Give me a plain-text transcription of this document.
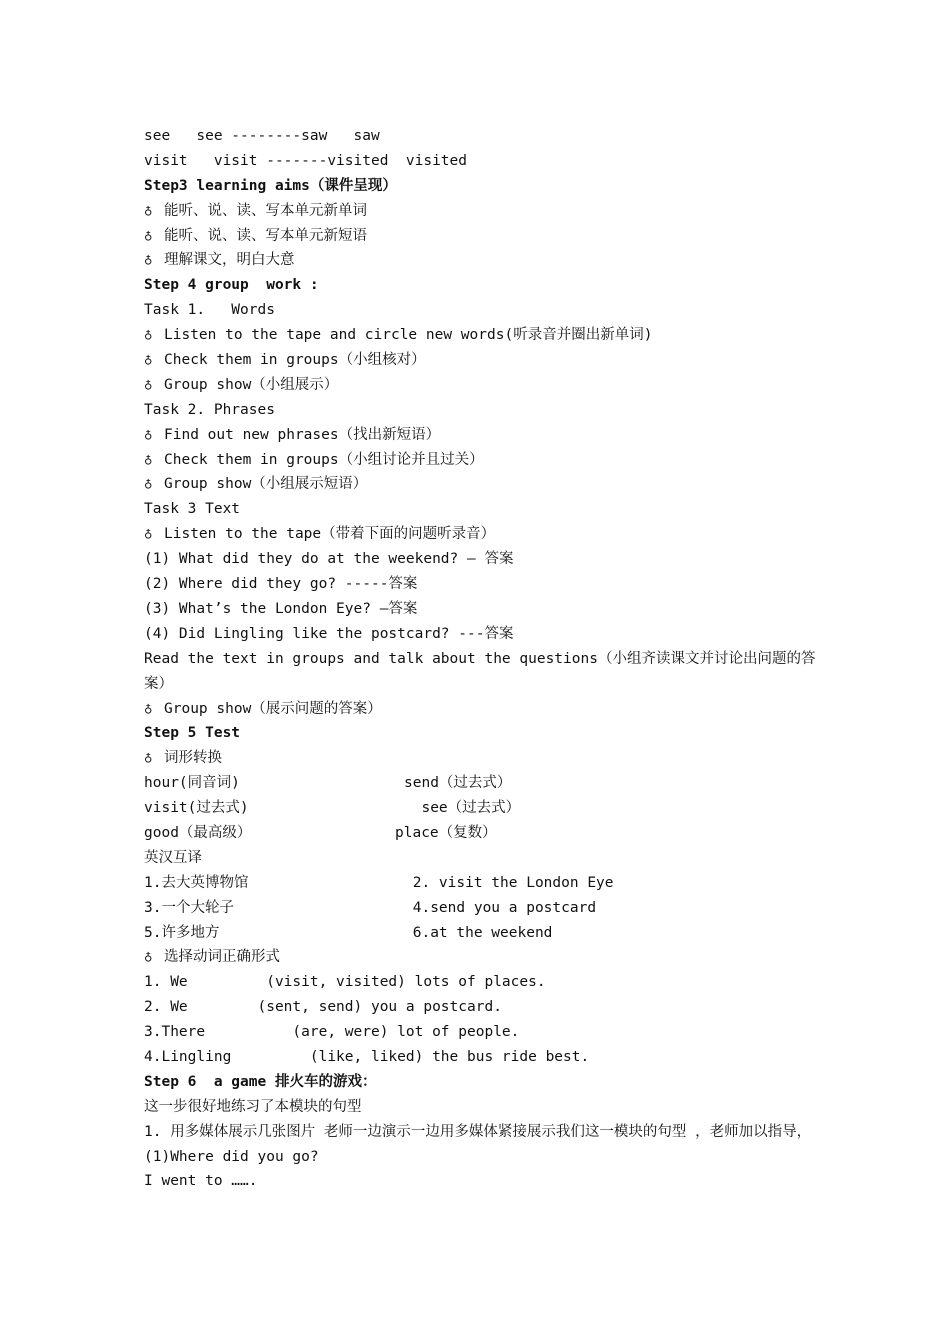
see   see --------saw   saw
visit   visit -------visited  visited
Step3 learning aims（课件呈现）
♁ 能听、说、读、写本单元新单词
♁ 能听、说、读、写本单元新短语
♁ 理解课文，明白大意
Step 4 group  work :
Task 1.   Words
♁ Listen to the tape and circle new words(听录音并圈出新单词)
♁ Check them in groups（小组核对）
♁ Group show（小组展示）
Task 2. Phrases
♁ Find out new phrases（找出新短语）
♁ Check them in groups（小组讨论并且过关）
♁ Group show（小组展示短语）
Task 3 Text
♁ Listen to the tape（带着下面的问题听录音）
(1) What did they do at the weekend? — 答案
(2) Where did they go? -----答案
(3) What’s the London Eye? —答案
(4) Did Lingling like the postcard? ---答案
Read the text in groups and talk about the questions（小组齐读课文并讨论出问题的答案）
♁ Group show（展示问题的答案）
Step 5 Test
♁ 词形转换
hour(同音词)	send（过去式）
visit(过去式)	see（过去式）
good（最高级）	place（复数）
英汉互译
1.去大英博物馆	2. visit the London Eye
3.一个大轮子	4.send you a postcard
5.许多地方	6.at the weekend
♁ 选择动词正确形式
1. We         (visit, visited) lots of places.
2. We        (sent, send) you a postcard.
3.There          (are, were) lot of people.
4.Lingling         (like, liked) the bus ride best.
Step 6  a game 排火车的游戏：
这一步很好地练习了本模块的句型
1. 用多媒体展示几张图片 老师一边演示一边用多媒体紧接展示我们这一模块的句型 ，老师加以指导，
(1)Where did you go?
I went to …….
